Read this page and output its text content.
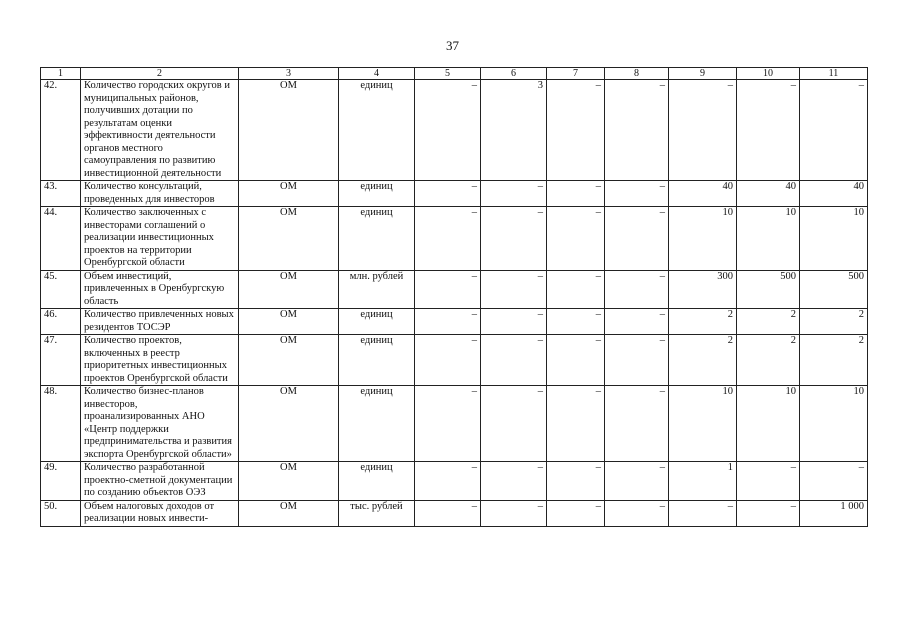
37
1	2	3	4	5	6	7	8	9	10	11
42.	Количество городских округов и муниципальных районов, получивших дотации по результатам оценки эффективности деятельности органов местного самоуправления по развитию инвестиционной деятельности	ОМ	единиц	–	3	–	–	–	–	–
43.	Количество консультаций, проведенных для инвесторов	ОМ	единиц	–	–	–	–	40	40	40
44.	Количество заключенных с инвесторами соглашений о реализации инвестиционных проектов на территории Оренбургской области	ОМ	единиц	–	–	–	–	10	10	10
45.	Объем инвестиций, привлеченных в Оренбургскую область	ОМ	млн. рублей	–	–	–	–	300	500	500
46.	Количество привлеченных новых резидентов ТОСЭР	ОМ	единиц	–	–	–	–	2	2	2
47.	Количество проектов, включенных в реестр приоритетных инвестиционных проектов Оренбургской области	ОМ	единиц	–	–	–	–	2	2	2
48.	Количество бизнес-планов инвесторов, проанализированных АНО «Центр поддержки предпринимательства и развития экспорта Оренбургской области»	ОМ	единиц	–	–	–	–	10	10	10
49.	Количество разработанной проектно-сметной документации по созданию объектов ОЭЗ	ОМ	единиц	–	–	–	–	1	–	–
50.	Объем налоговых доходов от реализации новых инвести-	ОМ	тыс. рублей	–	–	–	–	–	–	1 000
